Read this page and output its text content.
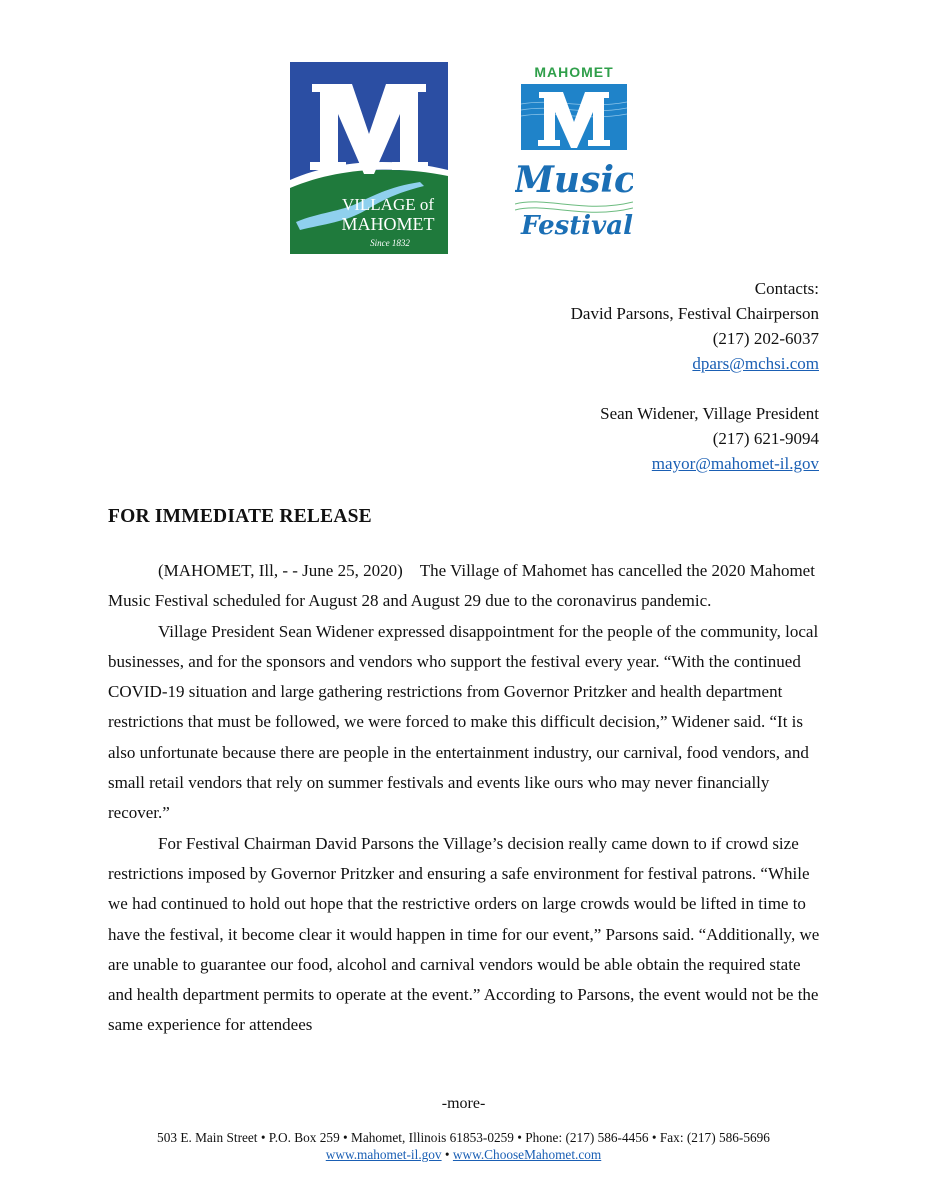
VILLAGE of
MAHOMET
Since 1832
MAHOMET
Music
Festival
Contacts:
David Parsons, Festival Chairperson
(217) 202-6037
dpars@mchsi.com
Sean Widener, Village President
(217) 621-9094
mayor@mahomet-il.gov
FOR IMMEDIATE RELEASE

(MAHOMET, Ill, - - June 25, 2020) The Village of Mahomet has cancelled the 2020 Mahomet Music Festival scheduled for August 28 and August 29 due to the coronavirus pandemic.

Village President Sean Widener expressed disappointment for the people of the community, local businesses, and for the sponsors and vendors who support the festival every year. “With the continued COVID-19 situation and large gathering restrictions from Governor Pritzker and health department restrictions that must be followed, we were forced to make this difficult decision,” Widener said. “It is also unfortunate because there are people in the entertainment industry, our carnival, food vendors, and small retail vendors that rely on summer festivals and events like ours who may never financially recover.”

For Festival Chairman David Parsons the Village’s decision really came down to if crowd size restrictions imposed by Governor Pritzker and ensuring a safe environment for festival patrons. “While we had continued to hold out hope that the restrictive orders on large crowds would be lifted in time to have the festival, it become clear it would happen in time for our event,” Parsons said. “Additionally, we are unable to guarantee our food, alcohol and carnival vendors would be able obtain the required state and health department permits to operate at the event.” According to Parsons, the event would not be the same experience for attendees

-more-
503 E. Main Street • P.O. Box 259 • Mahomet, Illinois 61853-0259 • Phone: (217) 586-4456 • Fax: (217) 586-5696
www.mahomet-il.gov • www.ChooseMahomet.com
